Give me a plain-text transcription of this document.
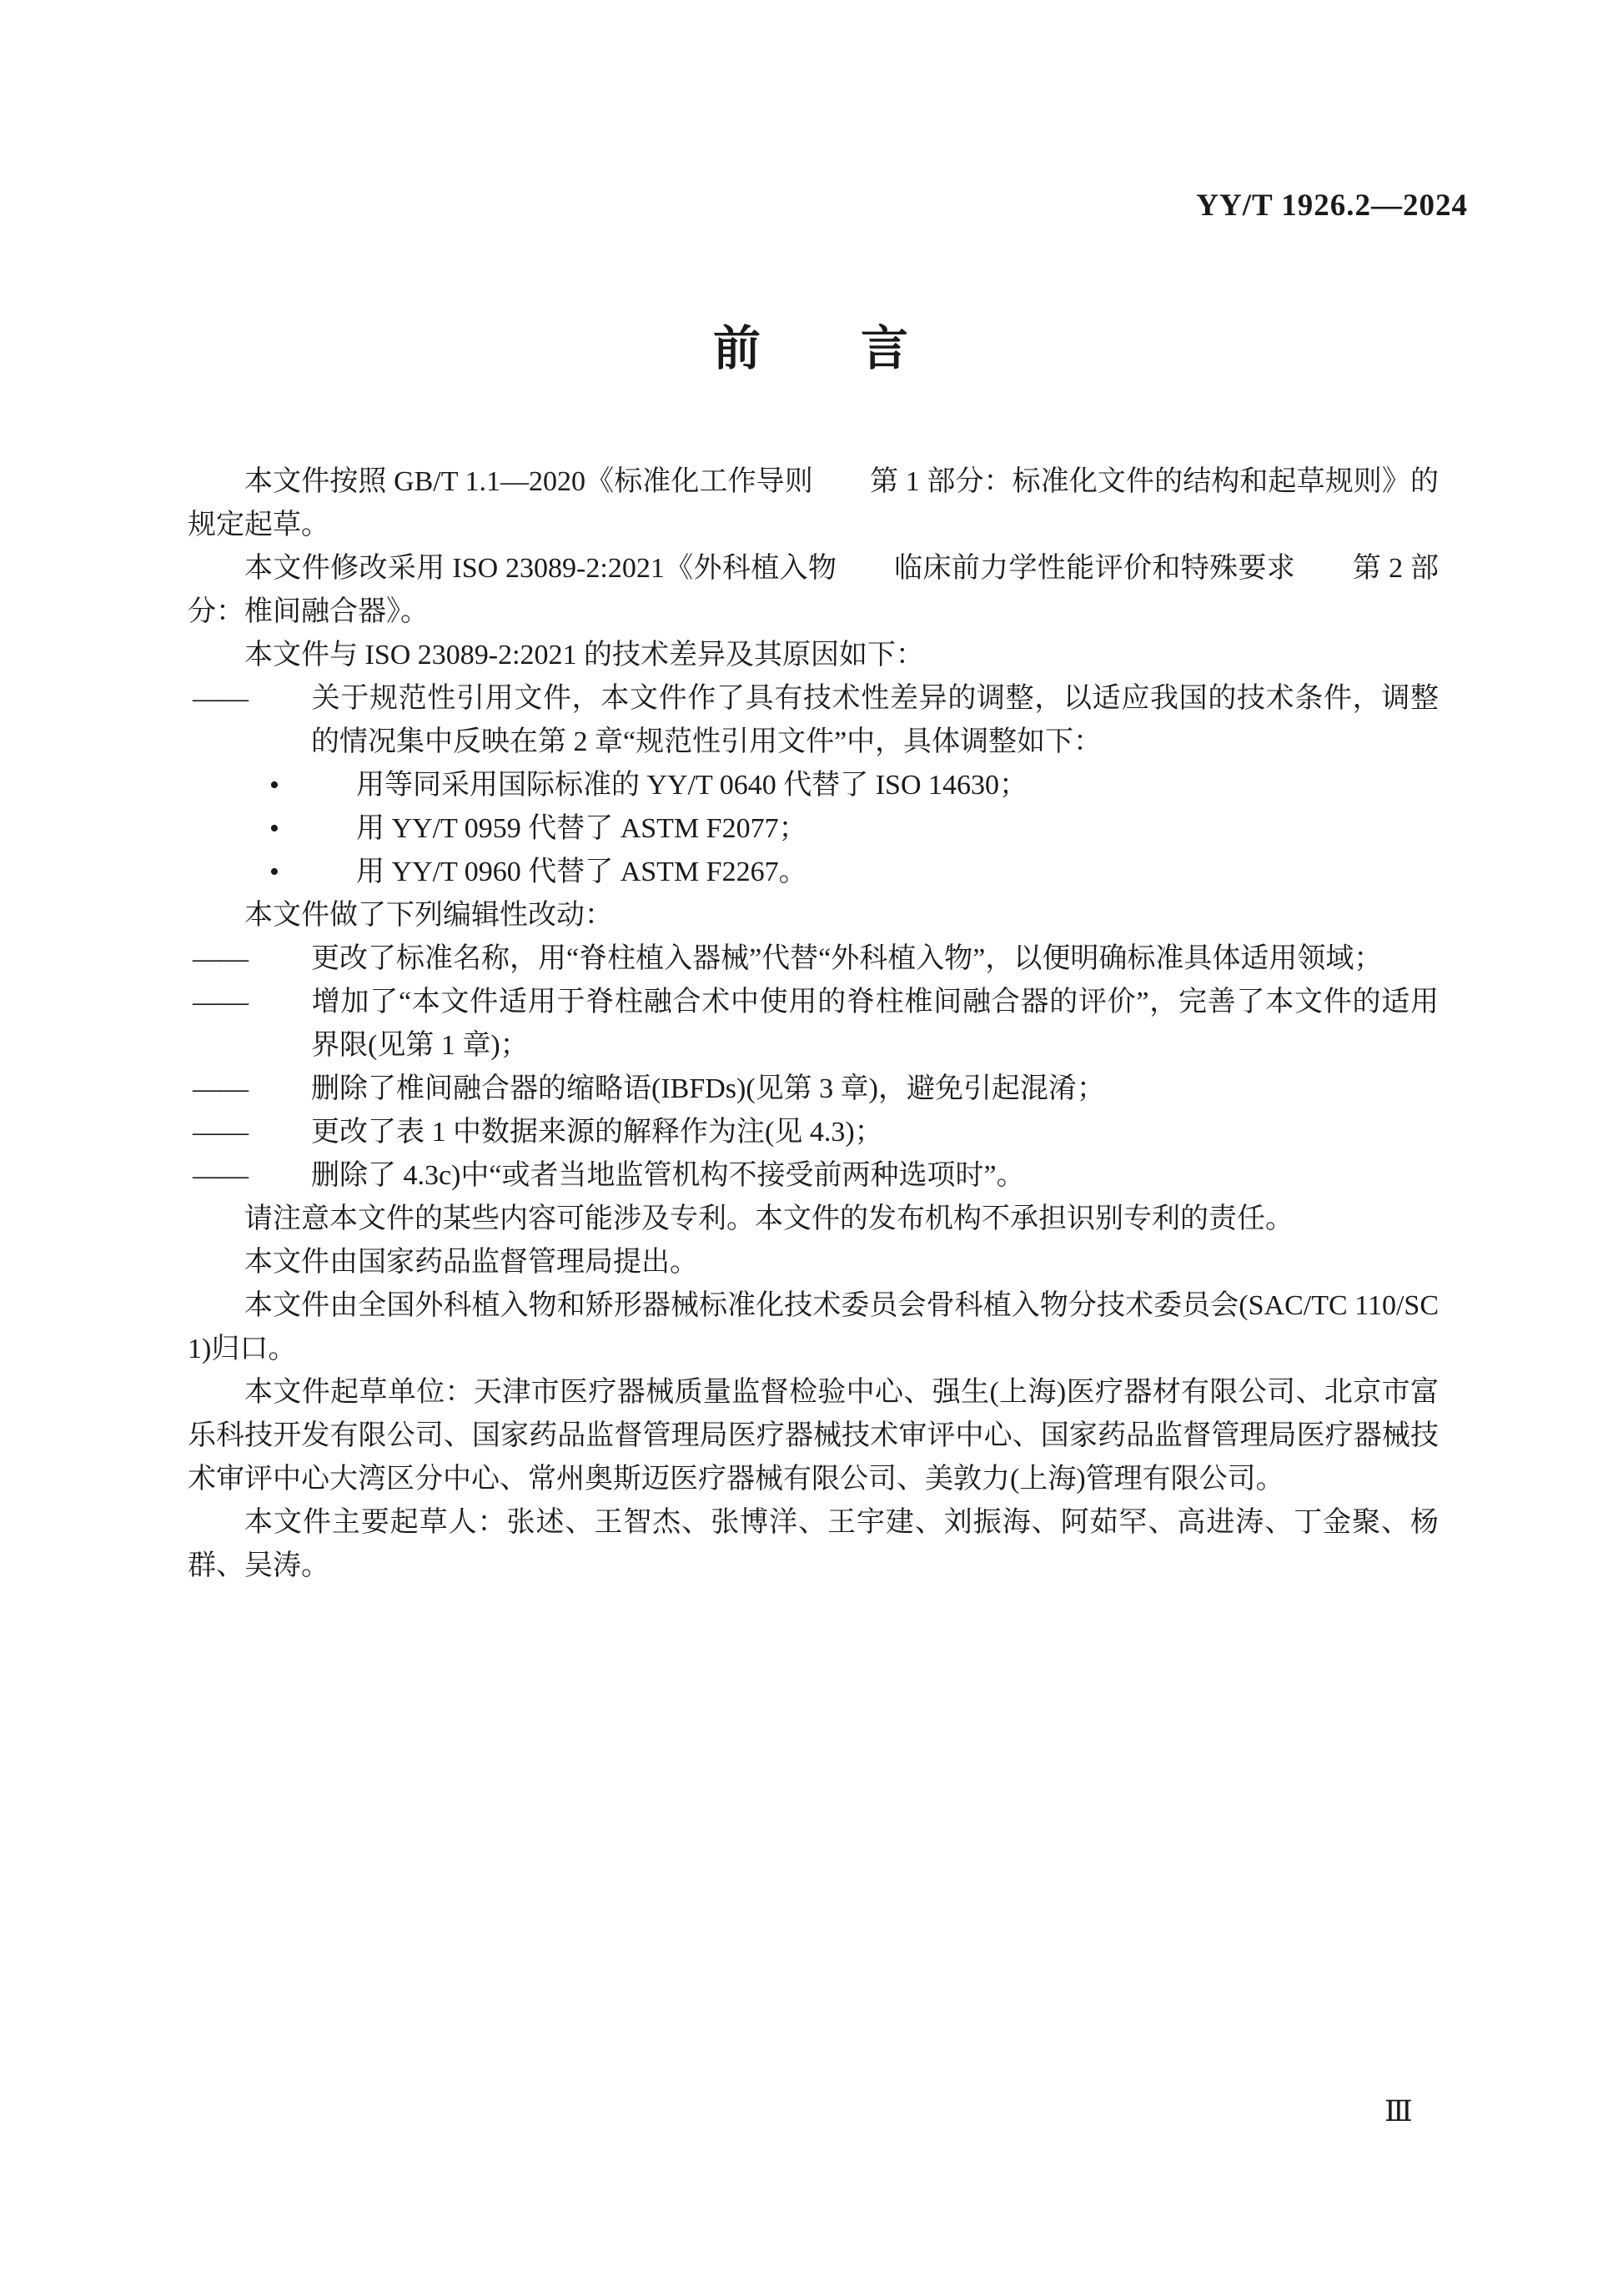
YY/T 1926.2—2024
前　　言
本文件按照 GB/T 1.1—2020《标准化工作导则　　第 1 部分：标准化文件的结构和起草规则》的规定起草。
本文件修改采用 ISO 23089-2:2021《外科植入物　　临床前力学性能评价和特殊要求　　第 2 部分：椎间融合器》。
本文件与 ISO 23089-2:2021 的技术差异及其原因如下：
—— 关于规范性引用文件，本文件作了具有技术性差异的调整，以适应我国的技术条件，调整的情况集中反映在第 2 章“规范性引用文件”中，具体调整如下：
•	用等同采用国际标准的 YY/T 0640 代替了 ISO 14630；
•	用 YY/T 0959 代替了 ASTM F2077；
•	用 YY/T 0960 代替了 ASTM F2267。
本文件做了下列编辑性改动：
—— 更改了标准名称，用“脊柱植入器械”代替“外科植入物”，以便明确标准具体适用领域；
—— 增加了“本文件适用于脊柱融合术中使用的脊柱椎间融合器的评价”，完善了本文件的适用界限(见第 1 章)；
—— 删除了椎间融合器的缩略语(IBFDs)(见第 3 章)，避免引起混淆；
—— 更改了表 1 中数据来源的解释作为注(见 4.3)；
—— 删除了 4.3c)中“或者当地监管机构不接受前两种选项时”。
请注意本文件的某些内容可能涉及专利。本文件的发布机构不承担识别专利的责任。
本文件由国家药品监督管理局提出。
本文件由全国外科植入物和矫形器械标准化技术委员会骨科植入物分技术委员会(SAC/TC 110/SC 1)归口。
本文件起草单位：天津市医疗器械质量监督检验中心、强生(上海)医疗器材有限公司、北京市富乐科技开发有限公司、国家药品监督管理局医疗器械技术审评中心、国家药品监督管理局医疗器械技术审评中心大湾区分中心、常州奥斯迈医疗器械有限公司、美敦力(上海)管理有限公司。
本文件主要起草人：张述、王智杰、张博洋、王宇建、刘振海、阿茹罕、高进涛、丁金聚、杨群、吴涛。
Ⅲ
